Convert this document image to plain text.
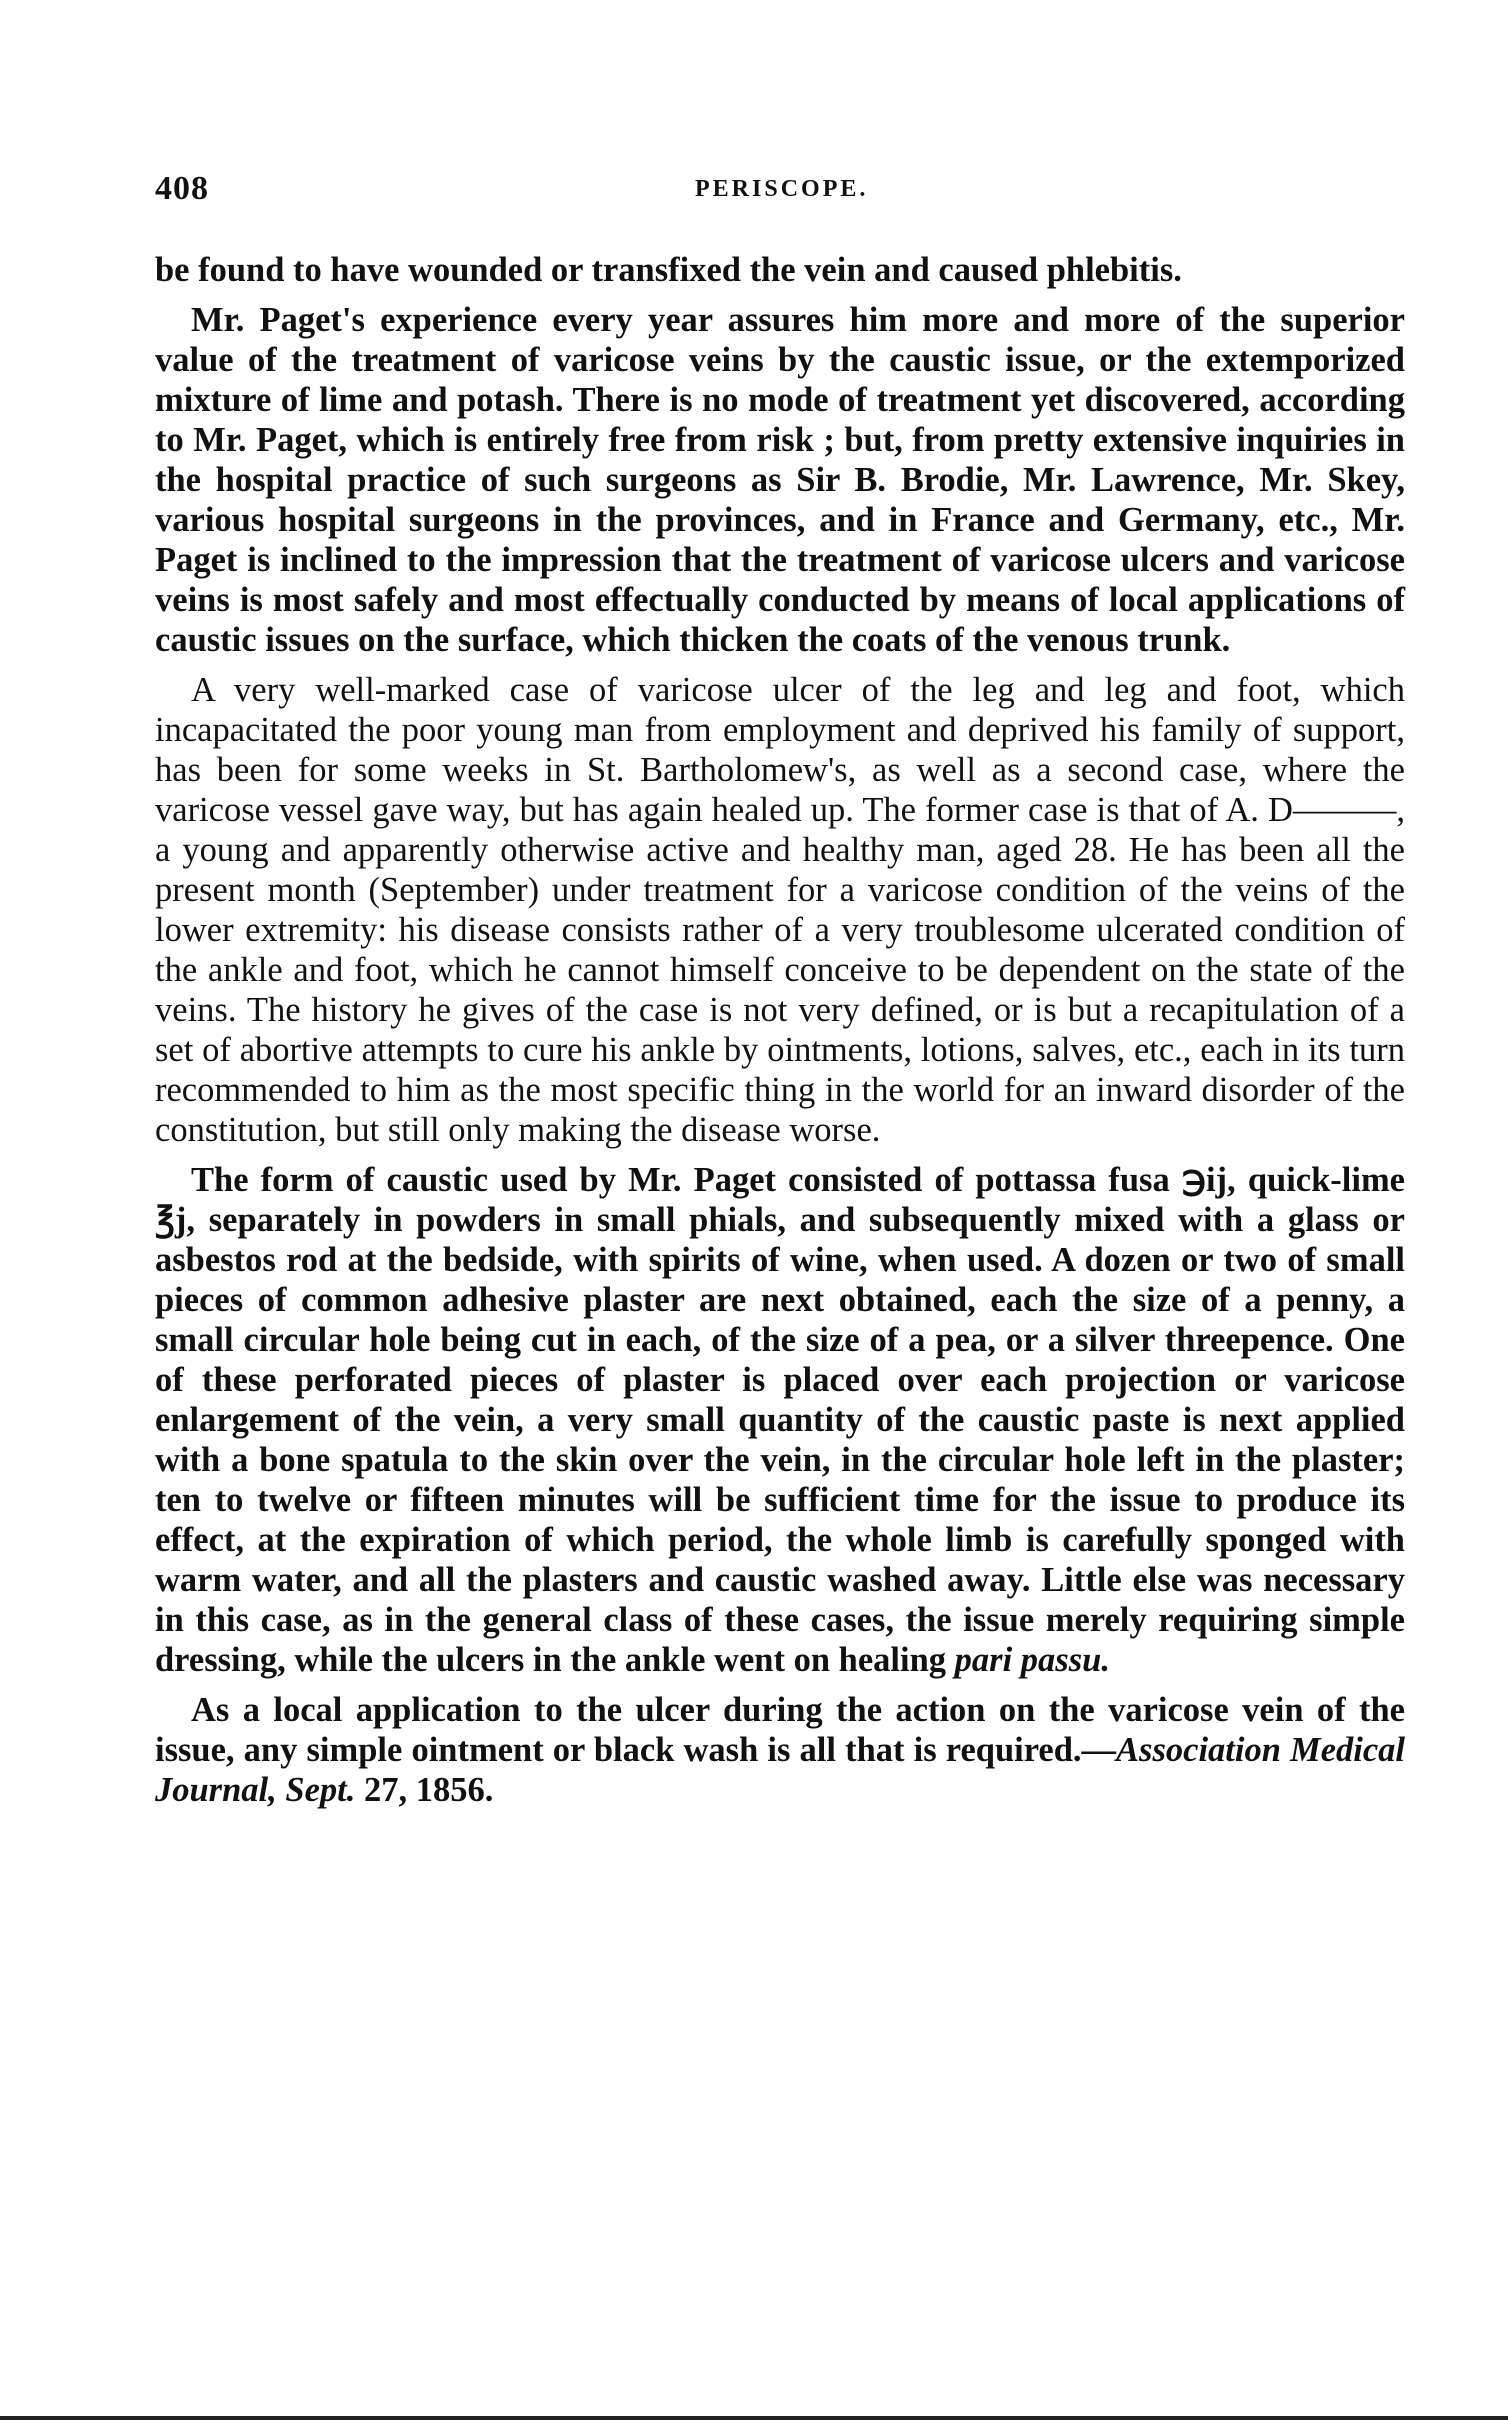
408	PERISCOPE.

be found to have wounded or transfixed the vein and caused phlebitis.

Mr. Paget's experience every year assures him more and more of the superior value of the treatment of varicose veins by the caustic issue, or the extemporized mixture of lime and potash. There is no mode of treatment yet discovered, according to Mr. Paget, which is entirely free from risk ; but, from pretty extensive inquiries in the hospital practice of such surgeons as Sir B. Brodie, Mr. Lawrence, Mr. Skey, various hospital surgeons in the provinces, and in France and Germany, etc., Mr. Paget is inclined to the impression that the treatment of varicose ulcers and varicose veins is most safely and most effectually conducted by means of local applications of caustic issues on the surface, which thicken the coats of the venous trunk.

A very well-marked case of varicose ulcer of the leg and leg and foot, which incapacitated the poor young man from employment and deprived his family of support, has been for some weeks in St. Bartholomew's, as well as a second case, where the varicose vessel gave way, but has again healed up. The former case is that of A. D———, a young and apparently otherwise active and healthy man, aged 28. He has been all the present month (September) under treatment for a varicose condition of the veins of the lower extremity: his disease consists rather of a very troublesome ulcerated condition of the ankle and foot, which he cannot himself conceive to be dependent on the state of the veins. The history he gives of the case is not very defined, or is but a recapitulation of a set of abortive attempts to cure his ankle by ointments, lotions, salves, etc., each in its turn recommended to him as the most specific thing in the world for an inward disorder of the constitution, but still only making the disease worse.

The form of caustic used by Mr. Paget consisted of pottassa fusa ℈ij, quick-lime ℥j, separately in powders in small phials, and subsequently mixed with a glass or asbestos rod at the bedside, with spirits of wine, when used. A dozen or two of small pieces of common adhesive plaster are next obtained, each the size of a penny, a small circular hole being cut in each, of the size of a pea, or a silver threepence. One of these perforated pieces of plaster is placed over each projection or varicose enlargement of the vein, a very small quantity of the caustic paste is next applied with a bone spatula to the skin over the vein, in the circular hole left in the plaster; ten to twelve or fifteen minutes will be sufficient time for the issue to produce its effect, at the expiration of which period, the whole limb is carefully sponged with warm water, and all the plasters and caustic washed away. Little else was necessary in this case, as in the general class of these cases, the issue merely requiring simple dressing, while the ulcers in the ankle went on healing pari passu.

As a local application to the ulcer during the action on the varicose vein of the issue, any simple ointment or black wash is all that is required.—Association Medical Journal, Sept. 27, 1856.
